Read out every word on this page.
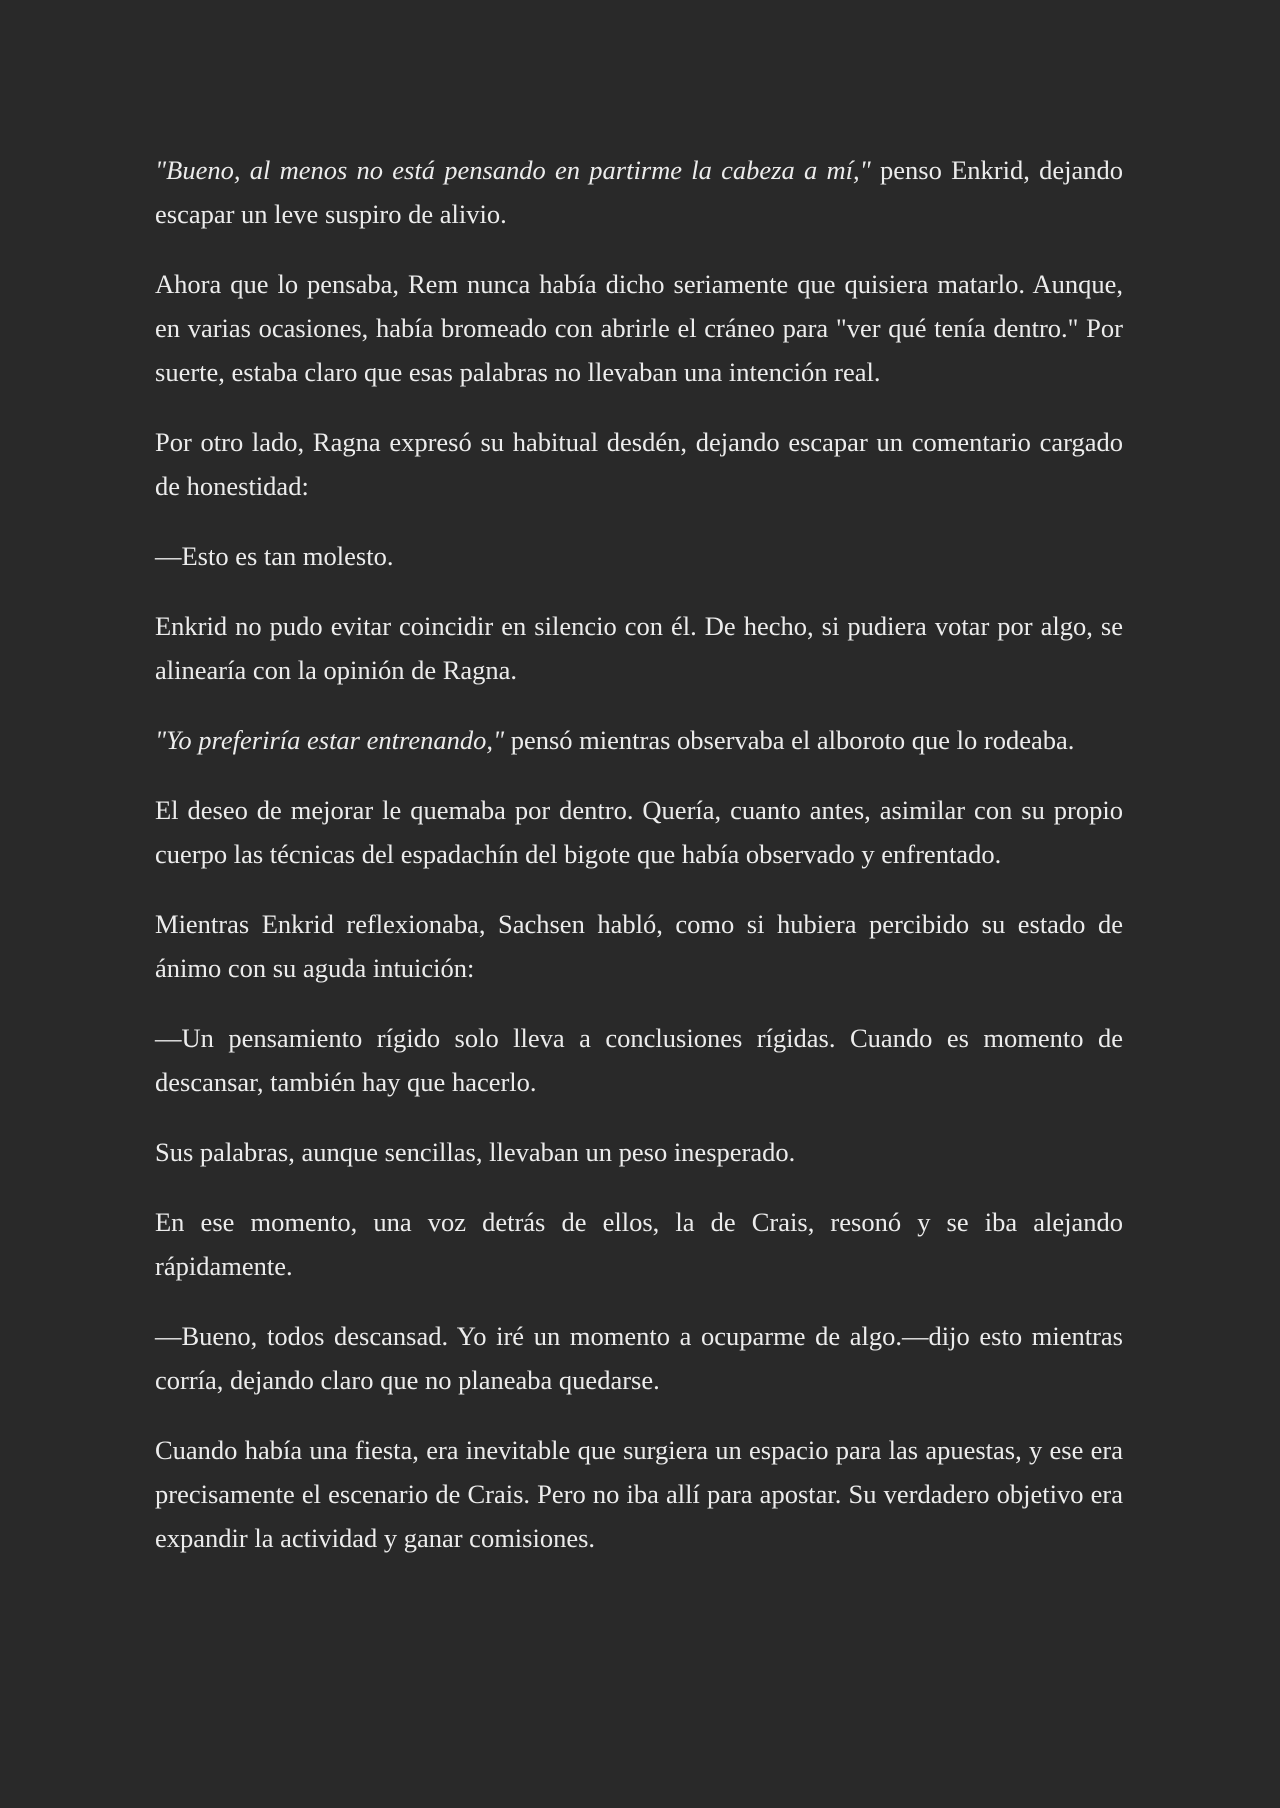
"Bueno, al menos no está pensando en partirme la cabeza a mí," penso Enkrid, dejando escapar un leve suspiro de alivio.

Ahora que lo pensaba, Rem nunca había dicho seriamente que quisiera matarlo. Aunque, en varias ocasiones, había bromeado con abrirle el cráneo para "ver qué tenía dentro." Por suerte, estaba claro que esas palabras no llevaban una intención real.

Por otro lado, Ragna expresó su habitual desdén, dejando escapar un comentario cargado de honestidad:

—Esto es tan molesto.

Enkrid no pudo evitar coincidir en silencio con él. De hecho, si pudiera votar por algo, se alinearía con la opinión de Ragna.

"Yo preferiría estar entrenando," pensó mientras observaba el alboroto que lo rodeaba.

El deseo de mejorar le quemaba por dentro. Quería, cuanto antes, asimilar con su propio cuerpo las técnicas del espadachín del bigote que había observado y enfrentado.

Mientras Enkrid reflexionaba, Sachsen habló, como si hubiera percibido su estado de ánimo con su aguda intuición:

—Un pensamiento rígido solo lleva a conclusiones rígidas. Cuando es momento de descansar, también hay que hacerlo.

Sus palabras, aunque sencillas, llevaban un peso inesperado.

En ese momento, una voz detrás de ellos, la de Crais, resonó y se iba alejando rápidamente.

—Bueno, todos descansad. Yo iré un momento a ocuparme de algo.—dijo esto mientras corría, dejando claro que no planeaba quedarse.

Cuando había una fiesta, era inevitable que surgiera un espacio para las apuestas, y ese era precisamente el escenario de Crais. Pero no iba allí para apostar. Su verdadero objetivo era expandir la actividad y ganar comisiones.
